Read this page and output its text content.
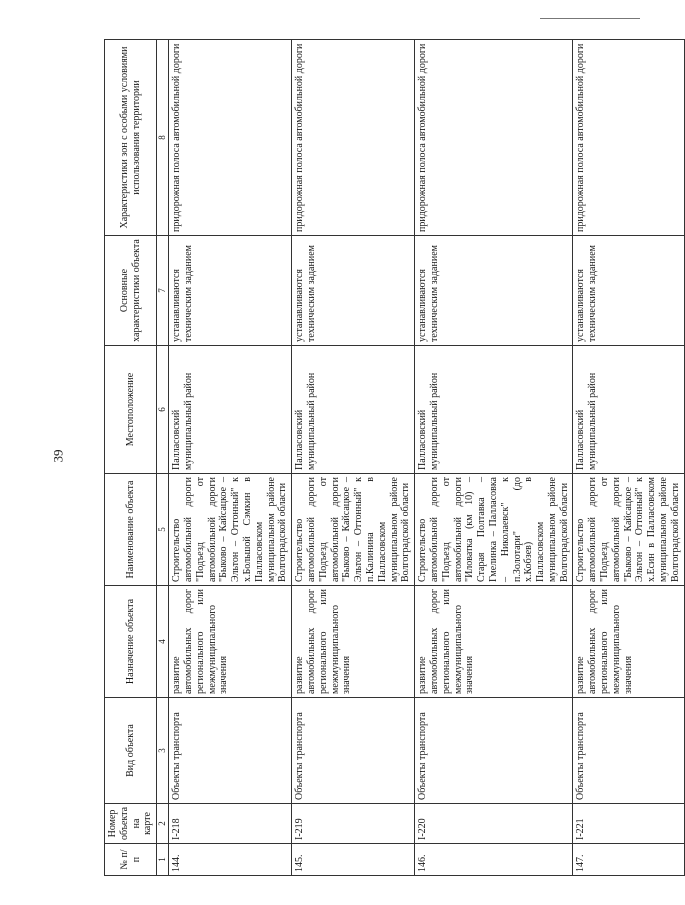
39
№ п/п	Номер объекта на карте	Вид объекта	Назначение объекта	Наименование объекта	Местоположение	Основные характеристики объекта	Характеристики зон с особыми условиями использования территории
1	2	3	4	5	6	7	8
144.	I-218	Объекты транспорта	развитие автомобильных дорог регионального или межмуниципального значения	Строительство автомобильной дороги "Подъезд от автомобильной дороги "Быково – Кайсацкое – Эльтон – Оттонный" к х.Большой Сэмкин в Палласовском муниципальном районе Волгоградской области	Палласовский муниципальный район	устанавливаются техническим заданием	придорожная полоса автомобильной дороги
145.	I-219	Объекты транспорта	развитие автомобильных дорог регионального или межмуниципального значения	Строительство автомобильной дороги "Подъезд от автомобильной дороги "Быково – Кайсацкое – Эльтон – Оттонный" к п.Калинина в Палласовском муниципальном районе Волгоградской области	Палласовский муниципальный район	устанавливаются техническим заданием	придорожная полоса автомобильной дороги
146.	I-220	Объекты транспорта	развитие автомобильных дорог регионального или межмуниципального значения	Строительство автомобильной дороги "Подъезд от автомобильной дороги "Иловатка (км 10) – Старая Полтавка – Гмелинка – Палласовка – Николаевск" к п.Золотари" (до х.Кобзев) в Палласовском муниципальном районе Волгоградской области	Палласовский муниципальный район	устанавливаются техническим заданием	придорожная полоса автомобильной дороги
147.	I-221	Объекты транспорта	развитие автомобильных дорог регионального или межмуниципального значения	Строительство автомобильной дороги "Подъезд от автомобильной дороги "Быково – Кайсацкое – Эльтон – Оттонный" к х.Есин в Палласовском муниципальном районе Волгоградской области	Палласовский муниципальный район	устанавливаются техническим заданием	придорожная полоса автомобильной дороги
